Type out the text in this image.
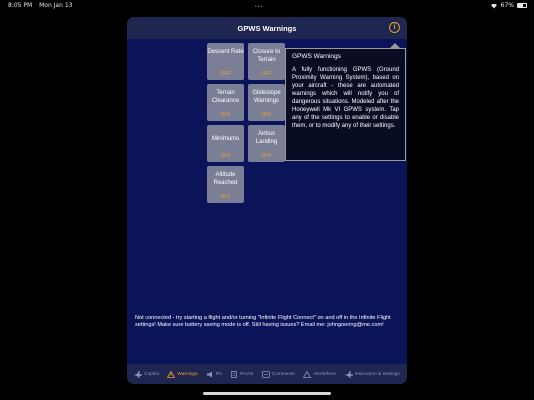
8:05 PM Mon Jan 13	•••	67%
GPWS Warnings	i
Descent Rate
OFF
Closure to Terrain
OFF
Terrain Clearance
OFF
Glideslope Warnings
OFF
Minimums
OFF
Airbus Landing
OFF
Altitude Reached
OFF
Copilot	Warnings	PA	RAAS	Comments	Alerts/NAV	Instruction & Settings
GPWS Warnings
A fully functioning GPWS (Ground Proximity Warning System), based on your aircraft - these are automated warnings which will notify you of dangerous situations. Modeled after the Honeywell Mk VI GPWS system. Tap any of the settings to enable or disable them, or to modify any of their settings.
Not connected - try starting a flight and/or turning "Infinite Flight Connect" on and off in the Infinite Flight settings! Make sure battery saving mode is off. Still having issues? Email me: johngoering@me.com!
